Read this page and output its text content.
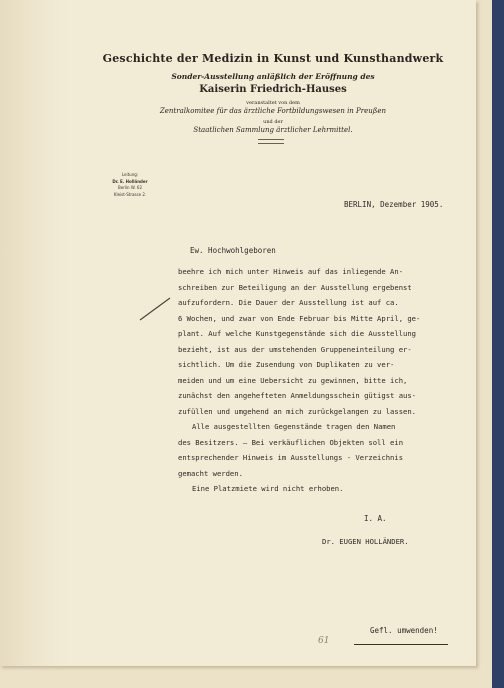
Geschichte der Medizin in Kunst und Kunsthandwerk
Sonder-Ausstellung anläßlich der Eröffnung des
Kaiserin Friedrich-Hauses
veranstaltet von dem
Zentralkomitee für das ärztliche Fortbildungswesen in Preußen
und der
Staatlichen Sammlung ärztlicher Lehrmittel.
Leitung:
Dr. E. Holländer
Berlin W. 62
Kleist-Strasse 2.
BERLIN, Dezember 1905.
Ew. Hochwohlgeboren
beehre ich mich unter Hinweis auf das inliegende An-
schreiben zur Beteiligung an der Ausstellung ergebenst
aufzufordern. Die Dauer der Ausstellung ist auf ca.
6 Wochen, und zwar von Ende Februar bis Mitte April, ge-
plant. Auf welche Kunstgegenstände sich die Ausstellung
bezieht, ist aus der umstehenden Gruppeneinteilung er-
sichtlich. Um die Zusendung von Duplikaten zu ver-
meiden und um eine Uebersicht zu gewinnen, bitte ich,
zunächst den angehefteten Anmeldungsschein gütigst aus-
zufüllen und umgehend an mich zurückgelangen zu lassen.
Alle ausgestellten Gegenstände tragen den Namen
des Besitzers. — Bei verkäuflichen Objekten soll ein
entsprechender Hinweis im Ausstellungs - Verzeichnis
gemacht werden.
Eine Platzmiete wird nicht erhoben.
I. A.
Dr. EUGEN HOLLÄNDER.
61
Gefl. umwenden!
